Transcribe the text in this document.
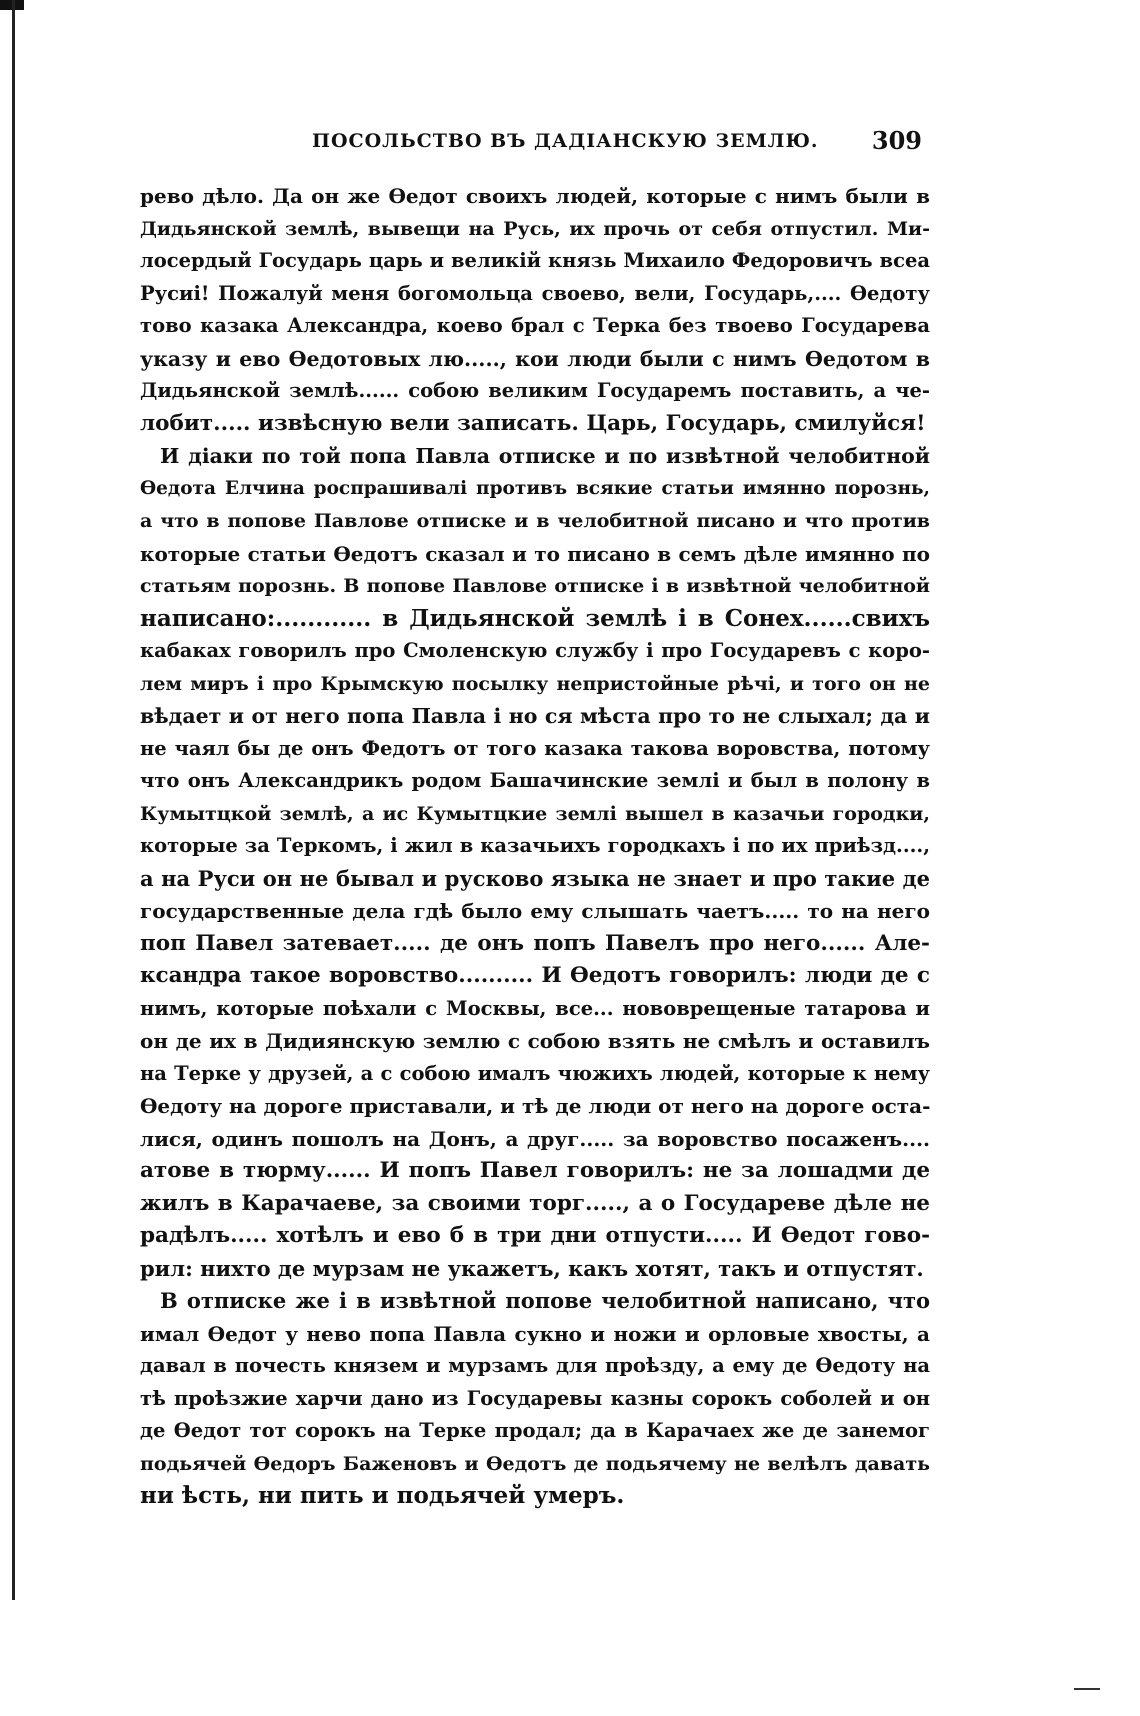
ПОСОЛЬСТВО ВЪ ДАДІАНСКУЮ ЗЕМЛЮ. 309
рево дѣло. Да он же Ѳедот своихъ людей, которые с нимъ были в
Дидьянской землѣ, вывещи на Русь, их прочь от себя отпустил. Ми-
лосердый Государь царь и великій князь Михаило Федоровичъ всеа
Русиі! Пожалуй меня богомольца своево, вели, Государь,.... Ѳедоту
тово казака Александра, коево брал с Терка без твоево Государева
указу и ево Ѳедотовых лю....., кои люди были с нимъ Ѳедотом в
Дидьянской землѣ...... собою великим Государемъ поставить, а че-
лобит..... извѣсную вели записать. Царь, Государь, смилуйся!
И діаки по той попа Павла отписке и по извѣтной челобитной
Ѳедота Елчина роспрашивалі противъ всякие статьи имянно порознь,
а что в попове Павлове отписке и в челобитной писано и что против
которые статьи Ѳедотъ сказал и то писано в семъ дѣле имянно по
статьям порознь. В попове Павлове отписке і в извѣтной челобитной
написано:............ в Дидьянской землѣ і в Сонех......свихъ
кабаках говорилъ про Смоленскую службу і про Государевъ с коро-
лем миръ і про Крымскую посылку непристойные рѣчі, и того он не
вѣдает и от него попа Павла і но ся мѣста про то не слыхал; да и
не чаял бы де онъ Федотъ от того казака такова воровства, потому
что онъ Александрикъ родом Башачинские землі и был в полону в
Кумытцкой землѣ, а ис Кумытцкие землі вышел в казачьи городки,
которые за Теркомъ, і жил в казачьихъ городкахъ і по их приѣзд....,
а на Руси он не бывал и русково языка не знает и про такие де
государственные дела гдѣ было ему слышать чаетъ..... то на него
поп Павел затевает..... де онъ попъ Павелъ про него...... Але-
ксандра такое воровство.......... И Ѳедотъ говорилъ: люди де с
нимъ, которые поѣхали с Москвы, все... нововрещеные татарова и
он де их в Дидиянскую землю с собою взять не смѣлъ и оставилъ
на Терке у друзей, а с собою ималъ чюжихъ людей, которые к нему
Ѳедоту на дороге приставали, и тѣ де люди от него на дороге оста-
лися, одинъ пошолъ на Донъ, а друг..... за воровство посаженъ....
атове в тюрму...... И попъ Павел говорилъ: не за лошадми де
жилъ в Карачаеве, за своими торг....., а о Государеве дѣле не
радѣлъ..... хотѣлъ и ево б в три дни отпусти..... И Ѳедот гово-
рил: нихто де мурзам не укажетъ, какъ хотят, такъ и отпустят.
В отписке же і в извѣтной попове челобитной написано, что
имал Ѳедот у нево попа Павла сукно и ножи и орловые хвосты, а
давал в почесть князем и мурзамъ для проѣзду, а ему де Ѳедоту на
тѣ проѣзжие харчи дано из Государевы казны сорокъ соболей и он
де Ѳедот тот сорокъ на Терке продал; да в Карачаех же де занемог
подьячей Ѳедоръ Баженовъ и Ѳедотъ де подьячему не велѣлъ давать
ни ѣсть, ни пить и подьячей умеръ.
